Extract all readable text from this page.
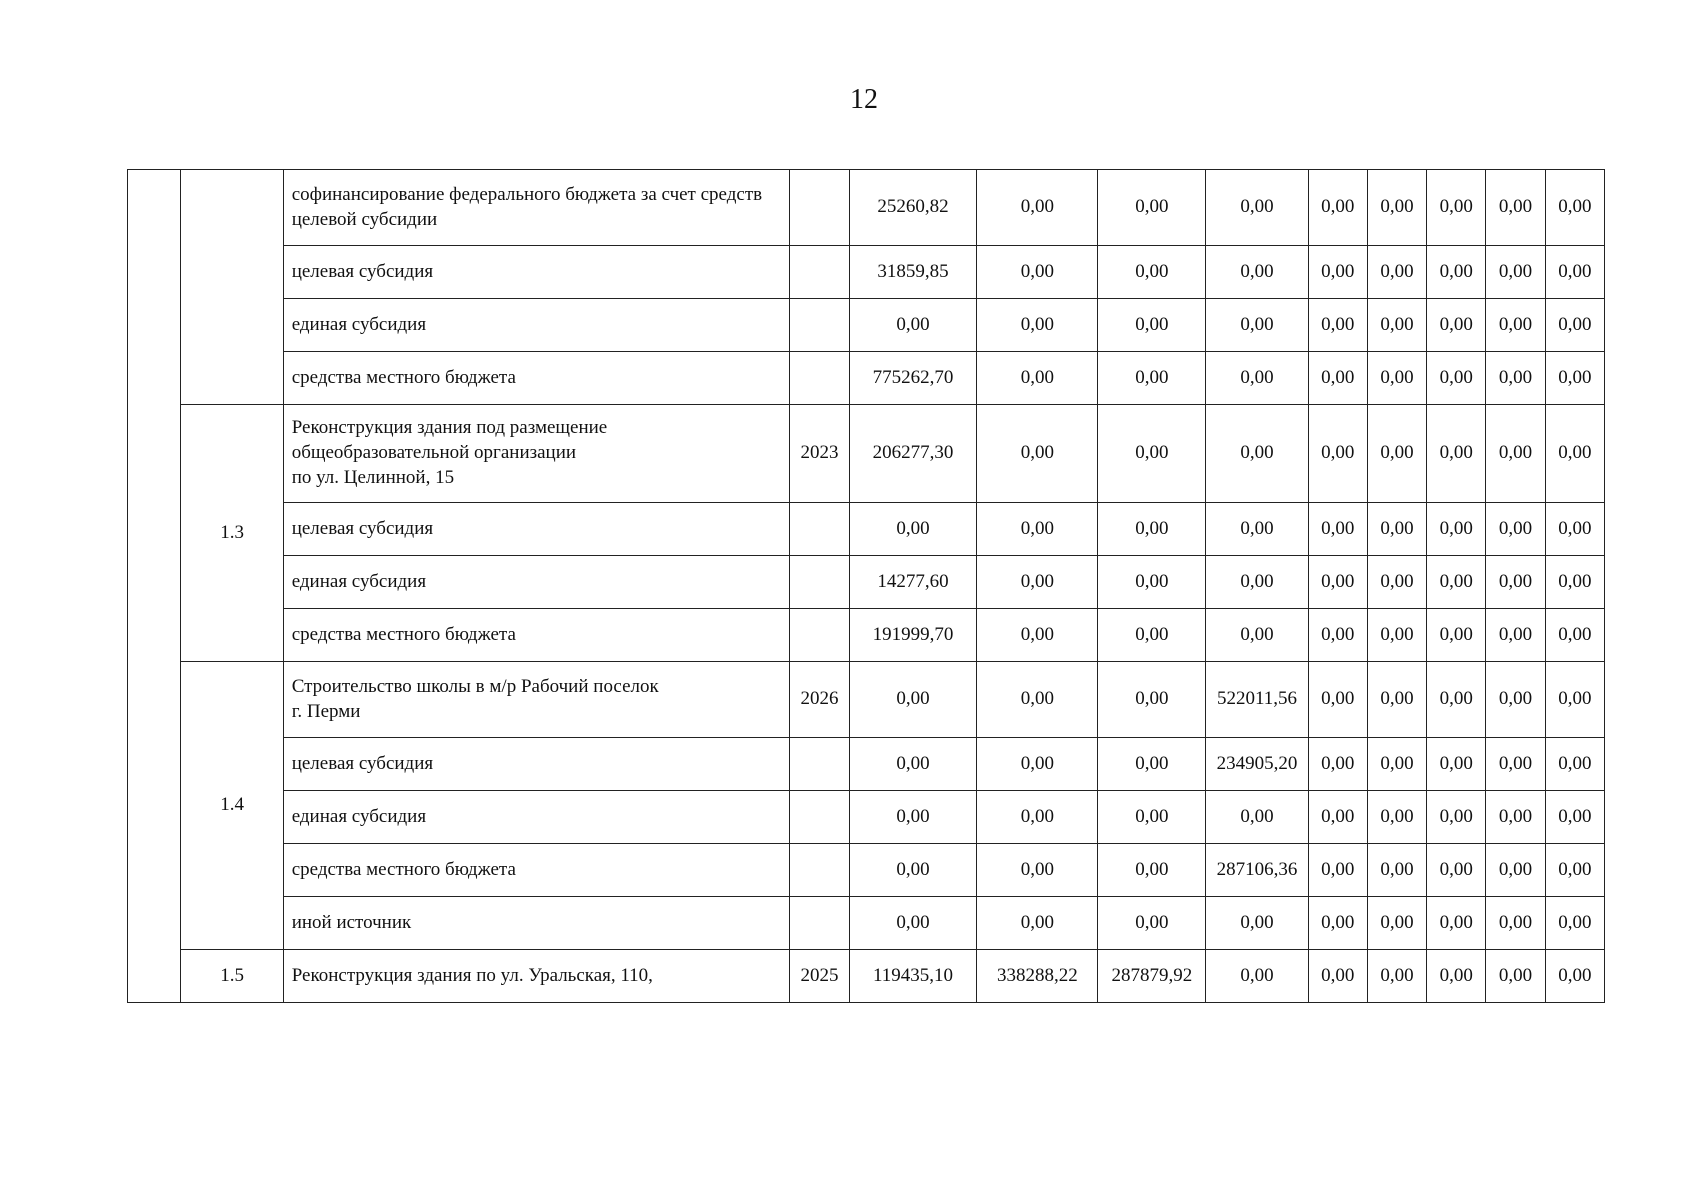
12
		софинансирование федерального бюджета за счет средств целевой субсидии		25260,82	0,00	0,00	0,00	0,00	0,00	0,00	0,00	0,00
		целевая субсидия		31859,85	0,00	0,00	0,00	0,00	0,00	0,00	0,00	0,00
		единая субсидия		0,00	0,00	0,00	0,00	0,00	0,00	0,00	0,00	0,00
		средства местного бюджета		775262,70	0,00	0,00	0,00	0,00	0,00	0,00	0,00	0,00
	1.3	Реконструкция здания под размещение
общеобразовательной организации
по ул. Целинной, 15	2023	206277,30	0,00	0,00	0,00	0,00	0,00	0,00	0,00	0,00
		целевая субсидия		0,00	0,00	0,00	0,00	0,00	0,00	0,00	0,00	0,00
		единая субсидия		14277,60	0,00	0,00	0,00	0,00	0,00	0,00	0,00	0,00
		средства местного бюджета		191999,70	0,00	0,00	0,00	0,00	0,00	0,00	0,00	0,00
	1.4	Строительство школы в м/р Рабочий поселок
г. Перми	2026	0,00	0,00	0,00	522011,56	0,00	0,00	0,00	0,00	0,00
		целевая субсидия		0,00	0,00	0,00	234905,20	0,00	0,00	0,00	0,00	0,00
		единая субсидия		0,00	0,00	0,00	0,00	0,00	0,00	0,00	0,00	0,00
		средства местного бюджета		0,00	0,00	0,00	287106,36	0,00	0,00	0,00	0,00	0,00
		иной источник		0,00	0,00	0,00	0,00	0,00	0,00	0,00	0,00	0,00
	1.5	Реконструкция здания по ул. Уральская, 110,	2025	119435,10	338288,22	287879,92	0,00	0,00	0,00	0,00	0,00	0,00
